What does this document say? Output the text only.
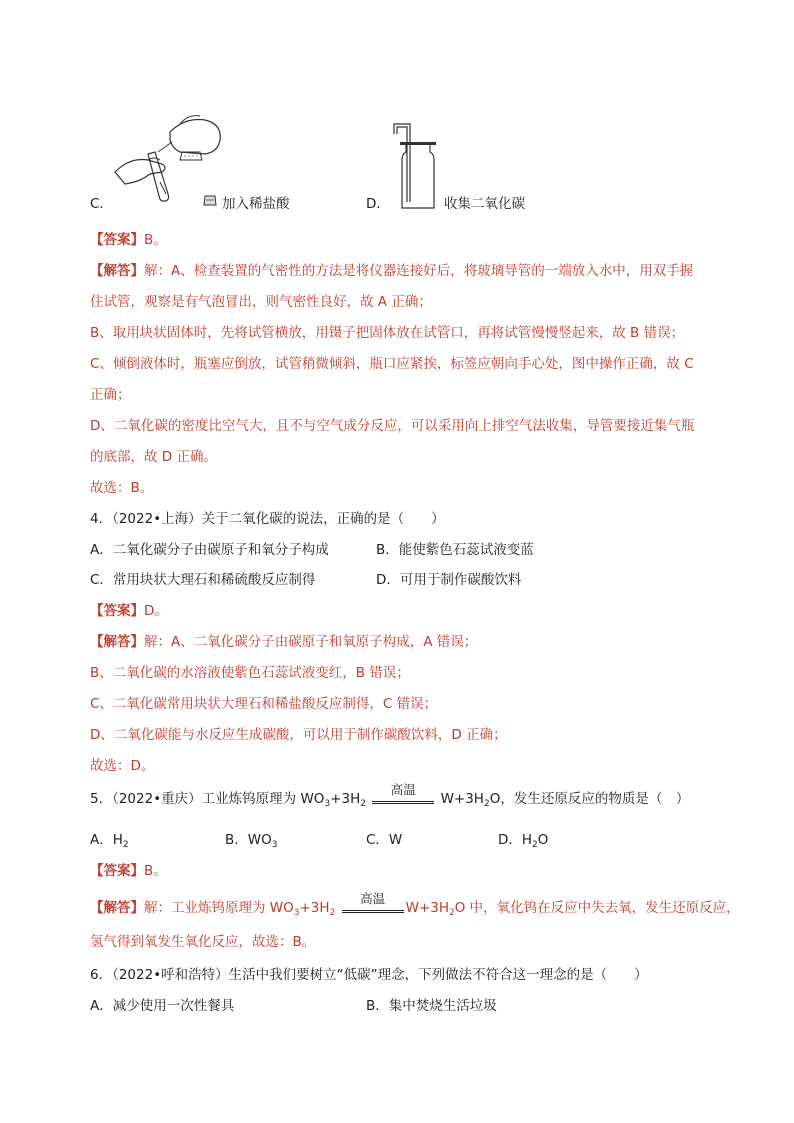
C．	加入稀盐酸	D．	收集二氧化碳
【答案】B。
【解答】解：A、检查装置的气密性的方法是将仪器连接好后，将玻璃导管的一端放入水中，用双手握
住试管，观察是有气泡冒出，则气密性良好，故 A 正确；
B、取用块状固体时，先将试管横放，用镊子把固体放在试管口，再将试管慢慢竖起来，故 B 错误；
C、倾倒液体时，瓶塞应倒放，试管稍微倾斜，瓶口应紧挨，标签应朝向手心处，图中操作正确，故 C
正确；
D、二氧化碳的密度比空气大，且不与空气成分反应，可以采用向上排空气法收集，导管要接近集气瓶
的底部，故 D 正确。
故选：B。
4．（2022•上海）关于二氧化碳的说法，正确的是（　　）
A．二氧化碳分子由碳原子和氧分子构成	B．能使紫色石蕊试液变蓝
C．常用块状大理石和稀硫酸反应制得	D．可用于制作碳酸饮料
【答案】D。
【解答】解：A、二氧化碳分子由碳原子和氧原子构成，A 错误；
B、二氧化碳的水溶液使紫色石蕊试液变红，B 错误；
C、二氧化碳常用块状大理石和稀盐酸反应制得，C 错误；
D、二氧化碳能与水反应生成碳酸，可以用于制作碳酸饮料，D 正确；
故选：D。
5．（2022•重庆）工业炼钨原理为 $WO_3+3H_2$
高温
$W+3H_2O$，发生还原反应的物质是（　）
A．$H_2$	B．$WO_3$	C．W	D．$H_2O$
【答案】B。
【解答】解：工业炼钨原理为 $WO_3+3H_2$
高温
$W+3H_2O$ 中，氧化钨在反应中失去氧，发生还原反应，
氢气得到氧发生氧化反应，故选：B。
6．（2022•呼和浩特）生活中我们要树立“低碳”理念，下列做法不符合这一理念的是（　　）
A．减少使用一次性餐具	B．集中焚烧生活垃圾
